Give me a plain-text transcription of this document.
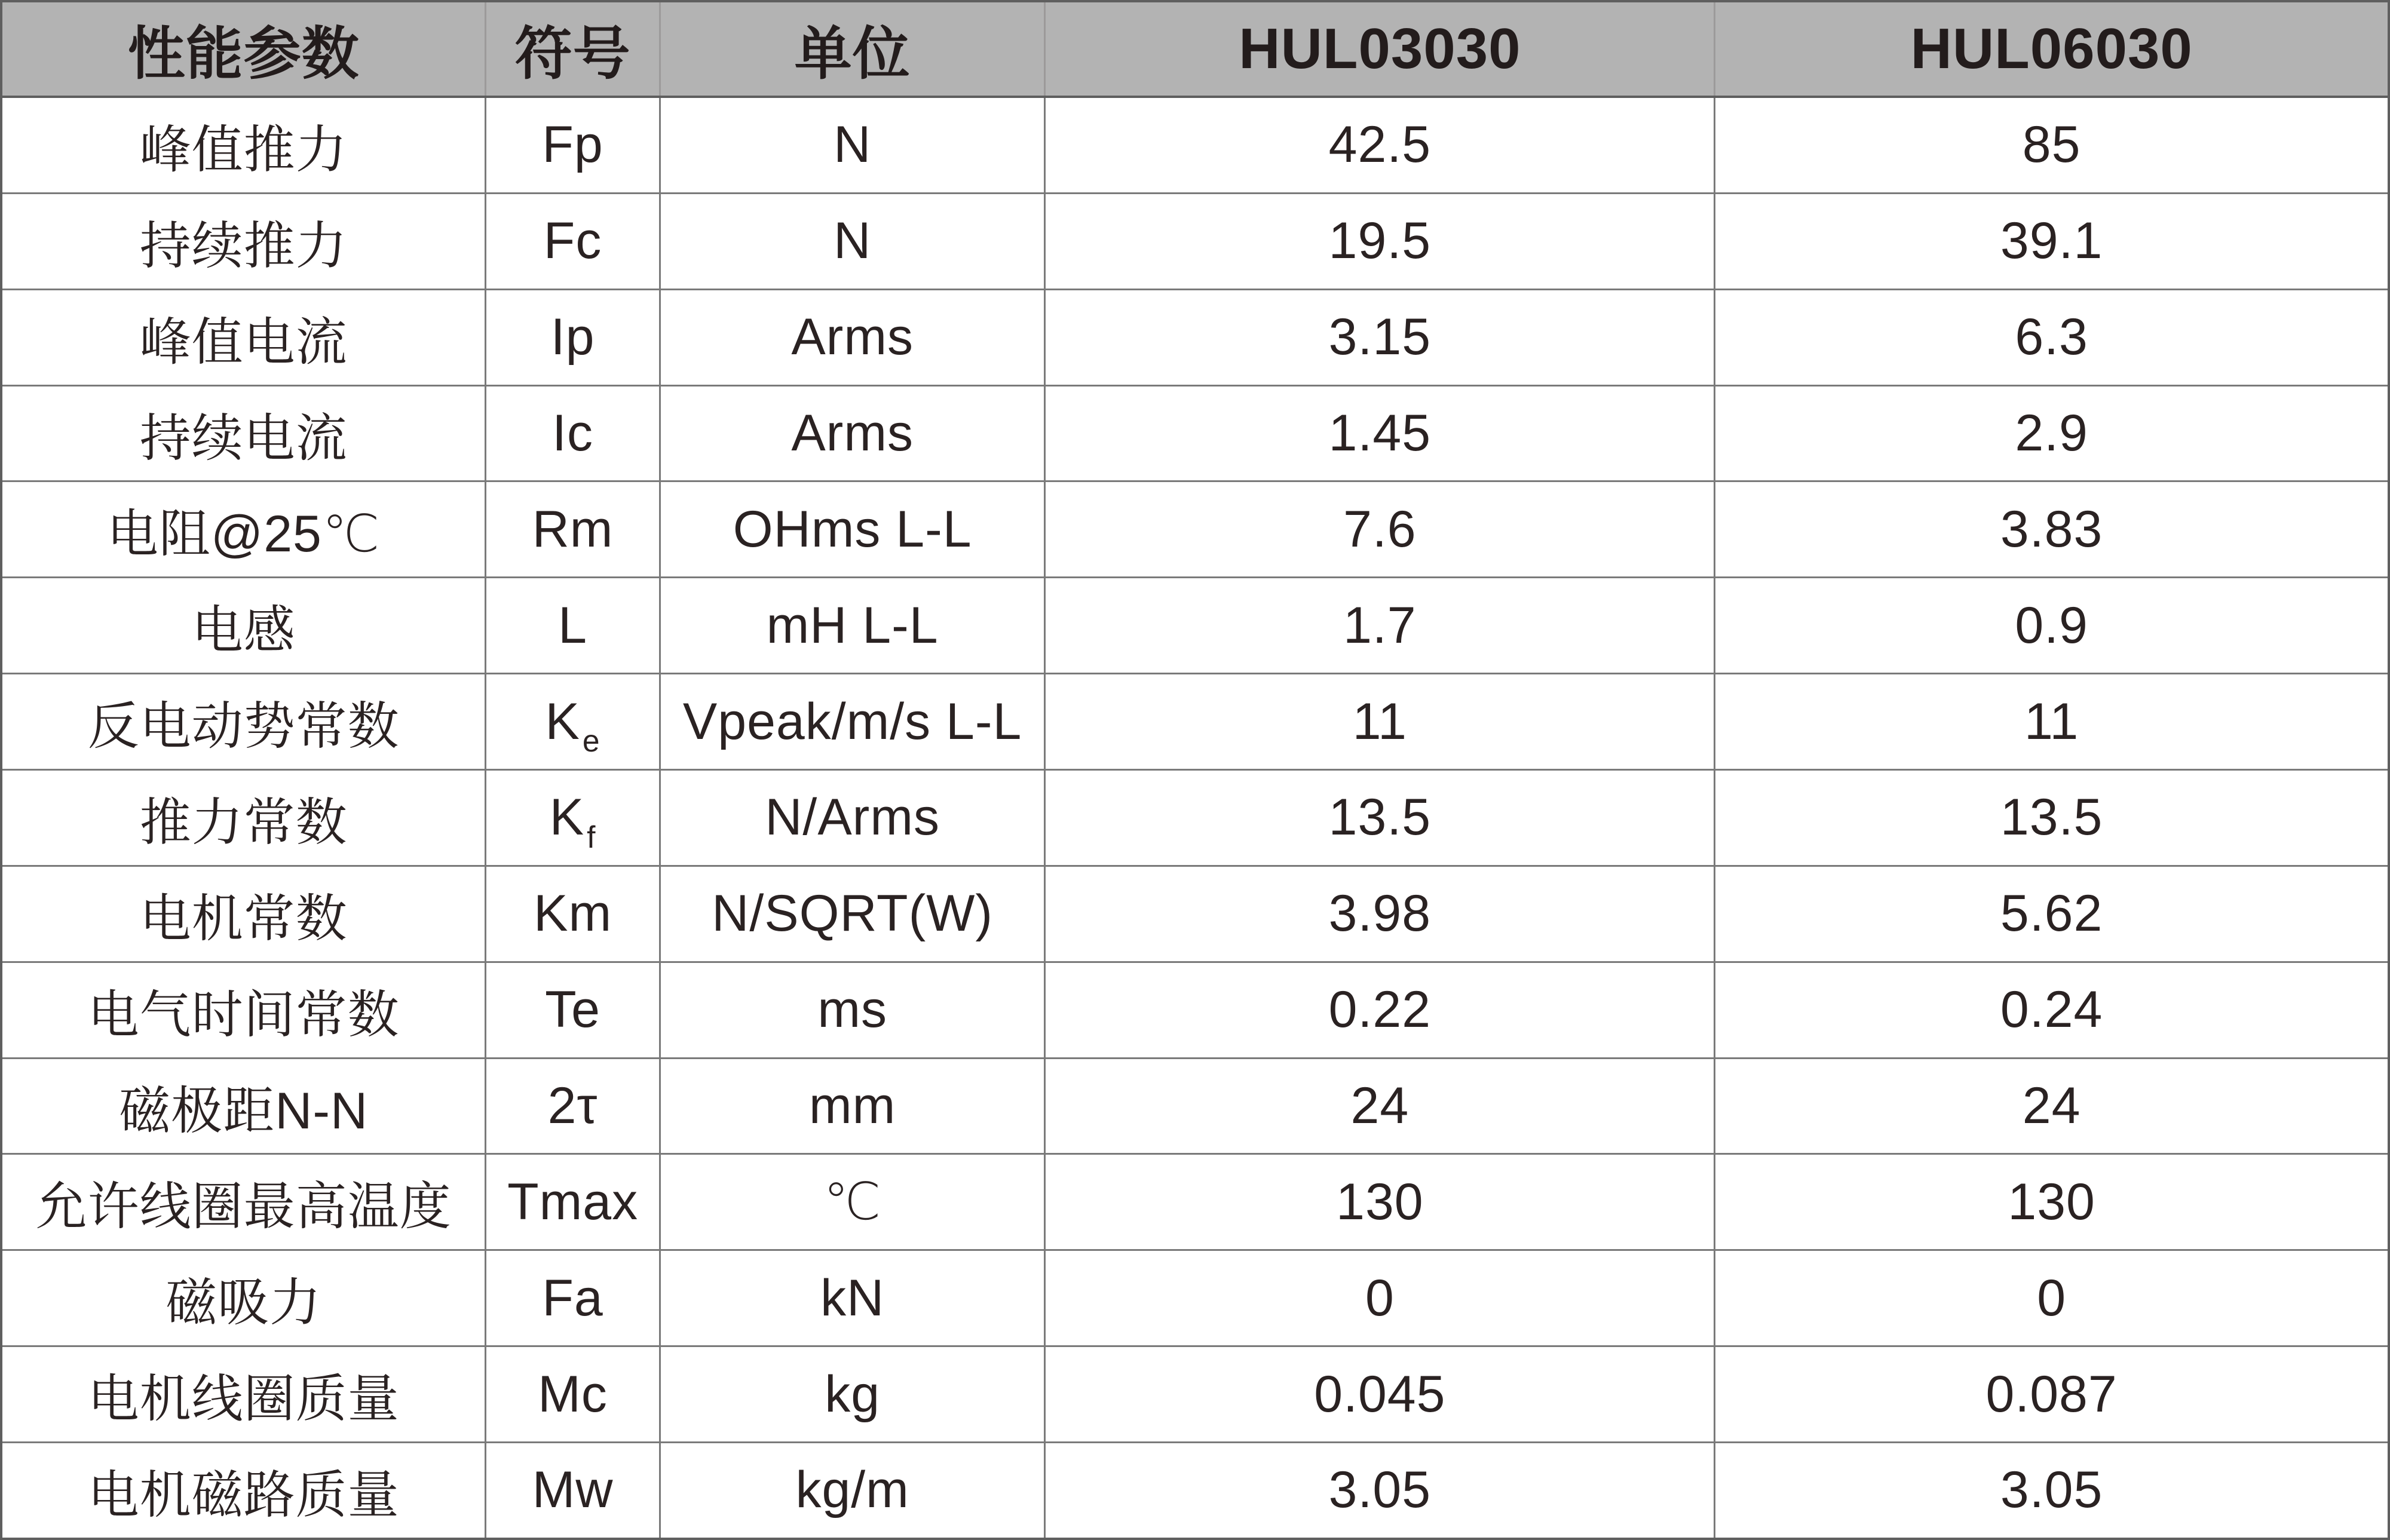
性能参数	符号	单位	HUL03030	HUL06030
峰值推力	Fp	N	42.5	85
持续推力	Fc	N	19.5	39.1
峰值电流	Ip	Arms	3.15	6.3
持续电流	Ic	Arms	1.45	2.9
电阻@25℃	Rm	OHms L-L	7.6	3.83
电感	L	mH L-L	1.7	0.9
反电动势常数	K e	Vpeak/m/s L-L	11	11
推力常数	K f	N/Arms	13.5	13.5
电机常数	Km	N/SQRT(W)	3.98	5.62
电气时间常数	Te	ms	0.22	0.24
磁极距N-N	2τ	mm	24	24
允许线圈最高温度	Tmax	℃	130	130
磁吸力	Fa	kN	0	0
电机线圈质量	Mc	kg	0.045	0.087
电机磁路质量	Mw	kg/m	3.05	3.05
